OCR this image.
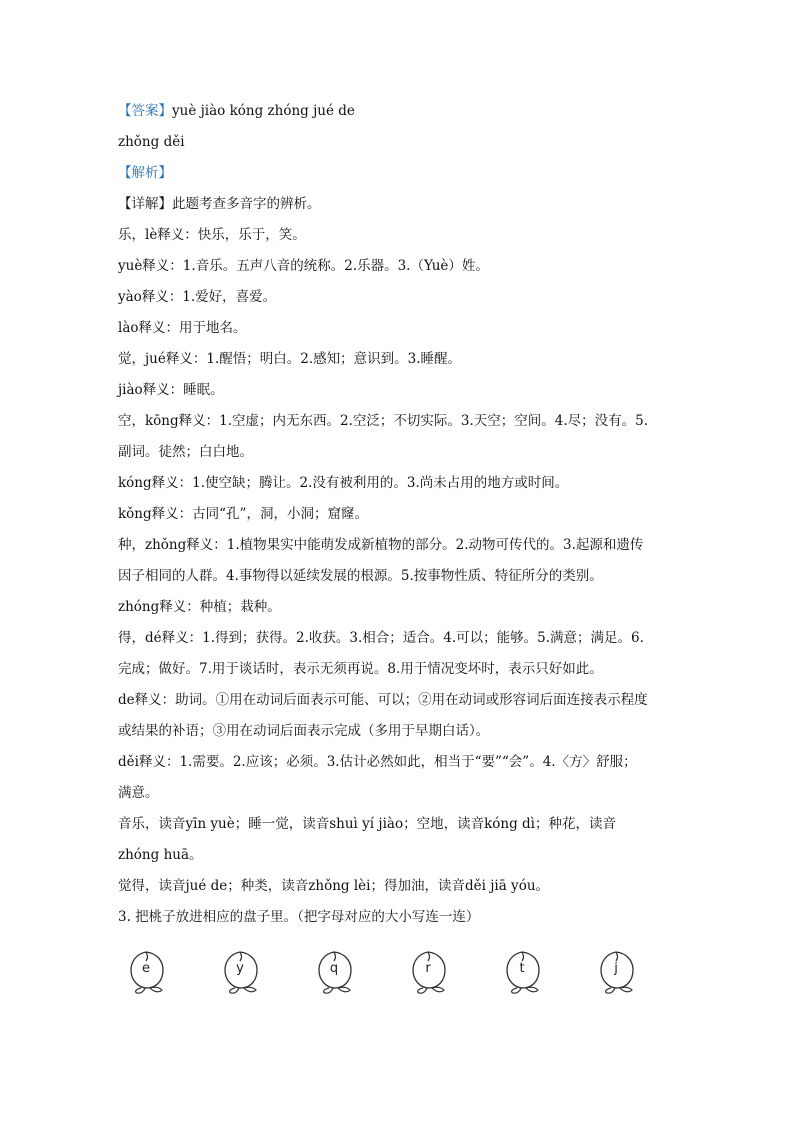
【答案】yuè jiào kóng zhóng jué de
zhǒng děi
【解析】
【详解】此题考查多音字的辨析。
乐，lè释义：快乐，乐于，笑。
yuè释义：1.音乐。五声八音的统称。2.乐器。3.（Yuè）姓。
yào释义：1.爱好，喜爱。
lào释义：用于地名。
觉，jué释义：1.醒悟；明白。2.感知；意识到。3.睡醒。
jiào释义：睡眠。
空，kōng释义：1.空虚；内无东西。2.空泛；不切实际。3.天空；空间。4.尽；没有。5.
副词。徒然；白白地。
kóng释义：1.使空缺；腾让。2.没有被利用的。3.尚未占用的地方或时间。
kǒng释义：古同“孔”，洞，小洞；窟窿。
种，zhǒng释义：1.植物果实中能萌发成新植物的部分。2.动物可传代的。3.起源和遗传
因子相同的人群。4.事物得以延续发展的根源。5.按事物性质、特征所分的类别。
zhóng释义：种植；栽种。
得，dé释义：1.得到；获得。2.收获。3.相合；适合。4.可以；能够。5.满意；满足。6.
完成；做好。7.用于谈话时，表示无须再说。8.用于情况变坏时，表示只好如此。
de释义：助词。①用在动词后面表示可能、可以；②用在动词或形容词后面连接表示程度
或结果的补语；③用在动词后面表示完成（多用于早期白话）。
děi释义：1.需要。2.应该；必须。3.估计必然如此，相当于“要”“会”。4.〈方〉舒服；
满意。
音乐，读音yīn yuè；睡一觉，读音shuì yí jiào；空地，读音kóng dì；种花，读音
zhóng huā。
觉得，读音jué de；种类，读音zhǒng lèi；得加油，读音děi jiā yóu。
3. 把桃子放进相应的盘子里。（把字母对应的大小写连一连）
e	y	q	r	t	j
